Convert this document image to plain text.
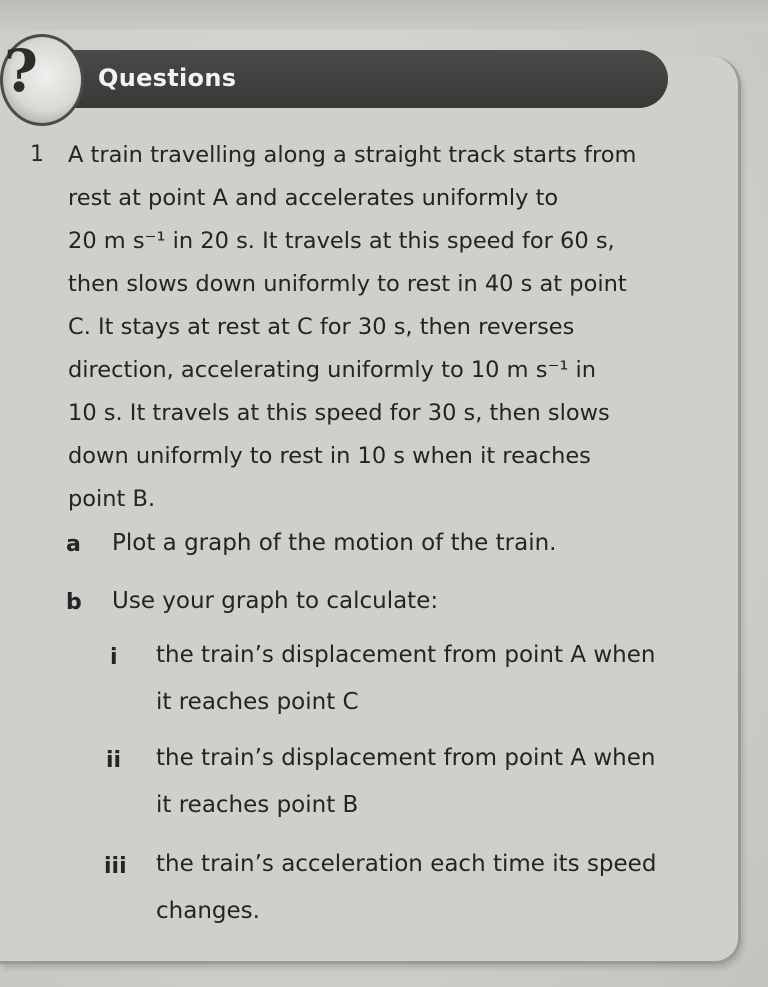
?	Questions
1 A train travelling along a straight track starts from
rest at point A and accelerates uniformly to
20 m s⁻¹ in 20 s. It travels at this speed for 60 s,
then slows down uniformly to rest in 40 s at point
C. It stays at rest at C for 30 s, then reverses
direction, accelerating uniformly to 10 m s⁻¹ in
10 s. It travels at this speed for 30 s, then slows
down uniformly to rest in 10 s when it reaches
point B.
a Plot a graph of the motion of the train.
b Use your graph to calculate:
i the train’s displacement from point A when
it reaches point C
ii the train’s displacement from point A when
it reaches point B
iii the train’s acceleration each time its speed
changes.
